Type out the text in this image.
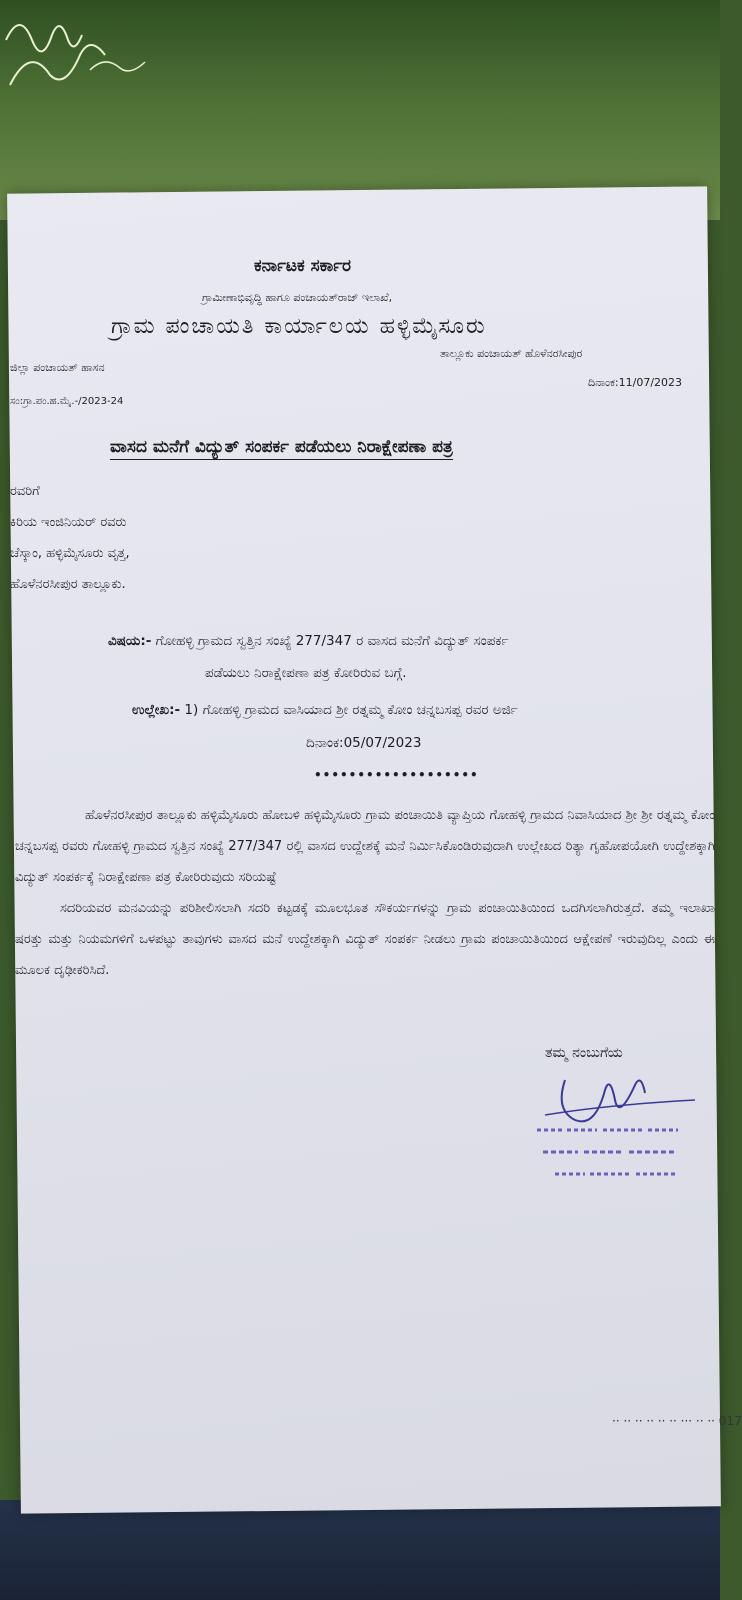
ಕರ್ನಾಟಕ ಸರ್ಕಾರ
ಗ್ರಾಮೀಣಾಭಿವೃದ್ಧಿ ಹಾಗೂ ಪಂಚಾಯತ್‌ರಾಜ್ ಇಲಾಖೆ,
ಗ್ರಾಮ ಪಂಚಾಯತಿ ಕಾರ್ಯಾಲಯ ಹಳ್ಳಿಮೈಸೂರು
ಜಿಲ್ಲಾ ಪಂಚಾಯತ್ ಹಾಸನ
ತಾಲ್ಲೂಕು ಪಂಚಾಯತ್ ಹೊಳೆನರಸೀಪುರ
ದಿನಾಂಕ:11/07/2023
ಸಂ:ಗ್ರಾ.ಪಂ.ಹ.ಮೈ.-/2023-24
ವಾಸದ ಮನೆಗೆ ವಿದ್ಯುತ್ ಸಂಪರ್ಕ ಪಡೆಯಲು ನಿರಾಕ್ಷೇಪಣಾ ಪತ್ರ
ರವರಿಗೆ
ಕಿರಿಯ ಇಂಜಿನಿಯರ್ ರವರು
ಚೆಸ್ಕಾಂ, ಹಳ್ಳಿಮೈಸೂರು ವೃತ್ತ,
ಹೊಳೆನರಸೀಪುರ ತಾಲ್ಲೂಕು.
ವಿಷಯ:- ಗೋಹಳ್ಳಿ ಗ್ರಾಮದ ಸ್ವತ್ತಿನ ಸಂಖ್ಯೆ 277/347 ರ ವಾಸದ ಮನೆಗೆ ವಿದ್ಯುತ್ ಸಂಪರ್ಕ
ಪಡೆಯಲು ನಿರಾಕ್ಷೇಪಣಾ ಪತ್ರ ಕೋರಿರುವ ಬಗ್ಗೆ.
ಉಲ್ಲೇಖ:- 1) ಗೋಹಳ್ಳಿ ಗ್ರಾಮದ ವಾಸಿಯಾದ ಶ್ರೀ ರತ್ನಮ್ಮ ಕೋಂ ಚನ್ನಬಸಪ್ಪ ರವರ ಅರ್ಜಿ
ದಿನಾಂಕ:05/07/2023
•••••••••••••••••••

ಹೊಳೆನರಸೀಪುರ ತಾಲ್ಲೂಕು ಹಳ್ಳಿಮೈಸೂರು ಹೋಬಳಿ ಹಳ್ಳಿಮೈಸೂರು ಗ್ರಾಮ ಪಂಚಾಯಿತಿ ವ್ಯಾಪ್ತಿಯ ಗೋಹಳ್ಳಿ ಗ್ರಾಮದ ನಿವಾಸಿಯಾದ ಶ್ರೀ ಶ್ರೀ ರತ್ನಮ್ಮ ಕೋಂ ಚನ್ನಬಸಪ್ಪ ರವರು ಗೋಹಳ್ಳಿ ಗ್ರಾಮದ ಸ್ವತ್ತಿನ ಸಂಖ್ಯೆ 277/347 ರಲ್ಲಿ ವಾಸದ ಉದ್ದೇಶಕ್ಕೆ ಮನೆ ನಿರ್ಮಿಸಿಕೊಂಡಿರುವುದಾಗಿ ಉಲ್ಲೇಖದ ರಿತ್ಯಾ ಗೃಹೋಪಯೋಗಿ ಉದ್ದೇಶಕ್ಕಾಗಿ ವಿದ್ಯುತ್ ಸಂಪರ್ಕಕ್ಕೆ ನಿರಾಕ್ಷೇಪಣಾ ಪತ್ರ ಕೋರಿರುವುದು ಸರಿಯಷ್ಟೆ

ಸದರಿಯವರ ಮನವಿಯನ್ನು ಪರಿಶೀಲಿಸಲಾಗಿ ಸದರಿ ಕಟ್ಟಡಕ್ಕೆ ಮೂಲಭೂತ ಸೌಕರ್ಯಗಳನ್ನು ಗ್ರಾಮ ಪಂಚಾಯಿತಿಯಿಂದ ಒದಗಿಸಲಾಗಿರುತ್ತದೆ. ತಮ್ಮ ಇಲಾಖಾ ಷರತ್ತು ಮತ್ತು ನಿಯಮಗಳಿಗೆ ಒಳಪಟ್ಟು ತಾವುಗಳು ವಾಸದ ಮನೆ ಉದ್ದೇಶಕ್ಕಾಗಿ ವಿದ್ಯುತ್ ಸಂಪರ್ಕ ನೀಡಲು ಗ್ರಾಮ ಪಂಚಾಯಿತಿಯಿಂದ ಆಕ್ಷೇಪಣೆ ಇರುವುದಿಲ್ಲ ಎಂದು ಈ ಮೂಲಕ ದೃಢೀಕರಿಸಿದೆ.

ತಮ್ಮ ನಂಬುಗೆಯ
·· ·· ·· ·· ·· ·· ··· ·· ·· 017
